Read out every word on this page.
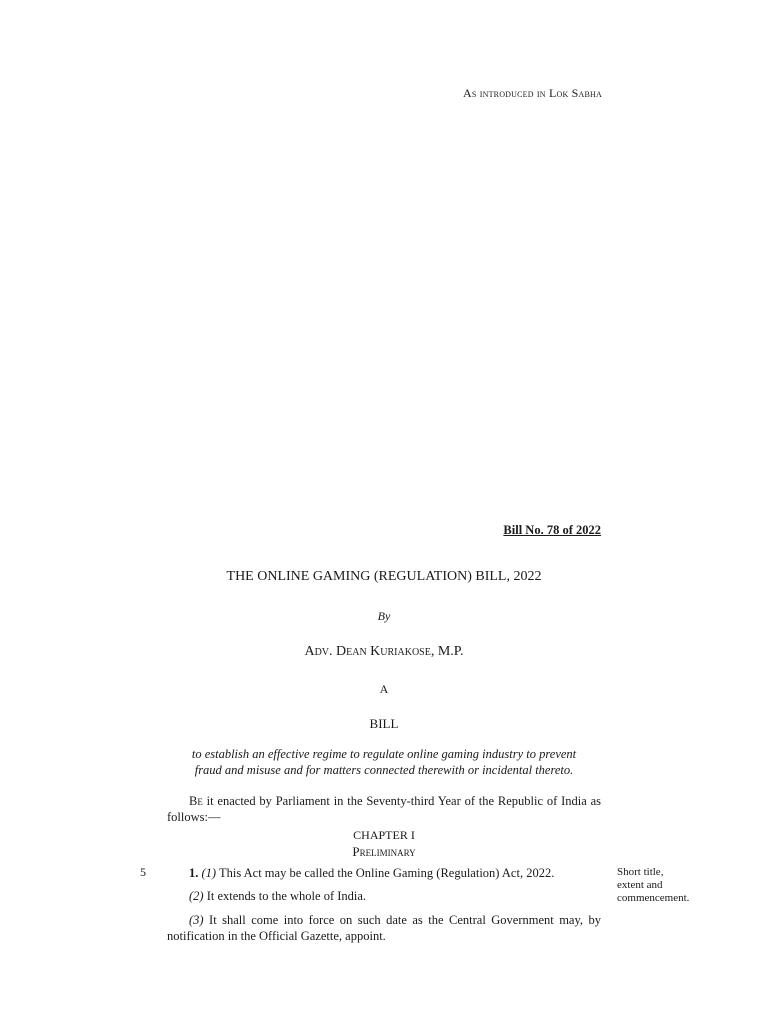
As introduced in Lok Sabha
Bill No. 78 of 2022
THE ONLINE GAMING (REGULATION) BILL, 2022
By
Adv. Dean Kuriakose, M.P.
A
BILL
to establish an effective regime to regulate online gaming industry to prevent
fraud and misuse and for matters connected therewith or incidental thereto.
Be it enacted by Parliament in the Seventy-third Year of the Republic of India as follows:—
CHAPTER I
Preliminary
5	1. (1) This Act may be called the Online Gaming (Regulation) Act, 2022.
(2) It extends to the whole of India.
(3) It shall come into force on such date as the Central Government may, by notification in the Official Gazette, appoint.
Short title,
extent and
commencement.
